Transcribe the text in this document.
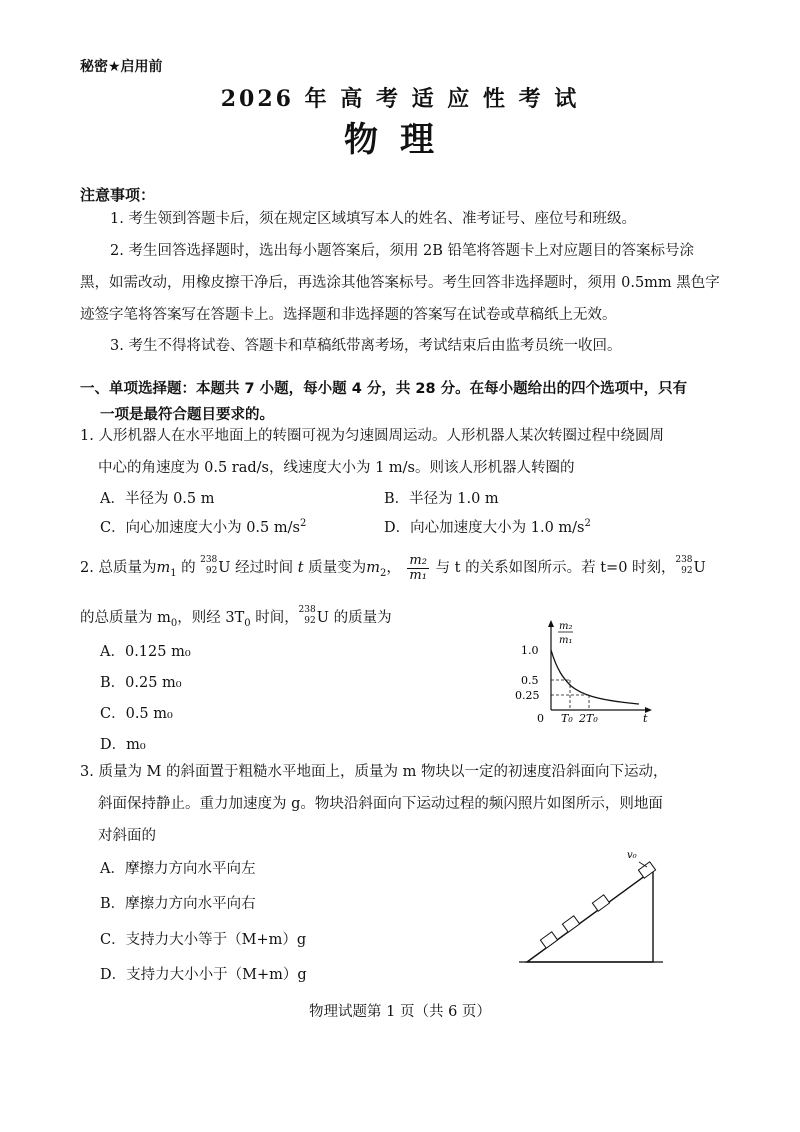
秘密★启用前
2026 年 高 考 适 应 性 考 试
物理
注意事项：
1. 考生领到答题卡后，须在规定区域填写本人的姓名、准考证号、座位号和班级。
2. 考生回答选择题时，选出每小题答案后，须用 2B 铅笔将答题卡上对应题目的答案标号涂黑，如需改动，用橡皮擦干净后，再选涂其他答案标号。考生回答非选择题时，须用 0.5mm 黑色字迹签字笔将答案写在答题卡上。选择题和非选择题的答案写在试卷或草稿纸上无效。
3. 考生不得将试卷、答题卡和草稿纸带离考场，考试结束后由监考员统一收回。
一、单项选择题：本题共 7 小题，每小题 4 分，共 28 分。在每小题给出的四个选项中，只有
一项是最符合题目要求的。
1. 人形机器人在水平地面上的转圈可视为匀速圆周运动。人形机器人某次转圈过程中绕圆周
中心的角速度为 0.5 rad/s，线速度大小为 1 m/s。则该人形机器人转圈的
A．半径为 0.5 m	B．半径为 1.0 m
C．向心加速度大小为 0.5 $m/s^2$	D．向心加速度大小为 1.0 $m/s^2$
2. 总质量为$m_1$ 的 238
92 U 经过时间 t 质量变为$m_2$， $\frac{\text{m₂}}{\text{m₁}}$ 与 t 的关系如图所示。若 t=0 时刻， 238
92 U
的总质量为 $m_0$，则经 $3T_0$ 时间， 238
92 U 的质量为
A．0.125 m₀
B．0.25 m₀
C．0.5 m₀
D．m₀
m₂
m₁
1.0
0.5
0.25
0 T₀ 2T₀	t
3. 质量为 M 的斜面置于粗糙水平地面上，质量为 m 物块以一定的初速度沿斜面向下运动，
斜面保持静止。重力加速度为 g。物块沿斜面向下运动过程的频闪照片如图所示，则地面
对斜面的
A．摩擦力方向水平向左
B．摩擦力方向水平向右
C．支持力大小等于（M+m）g
D．支持力大小小于（M+m）g
v₀
物理试题第 1 页（共 6 页）
